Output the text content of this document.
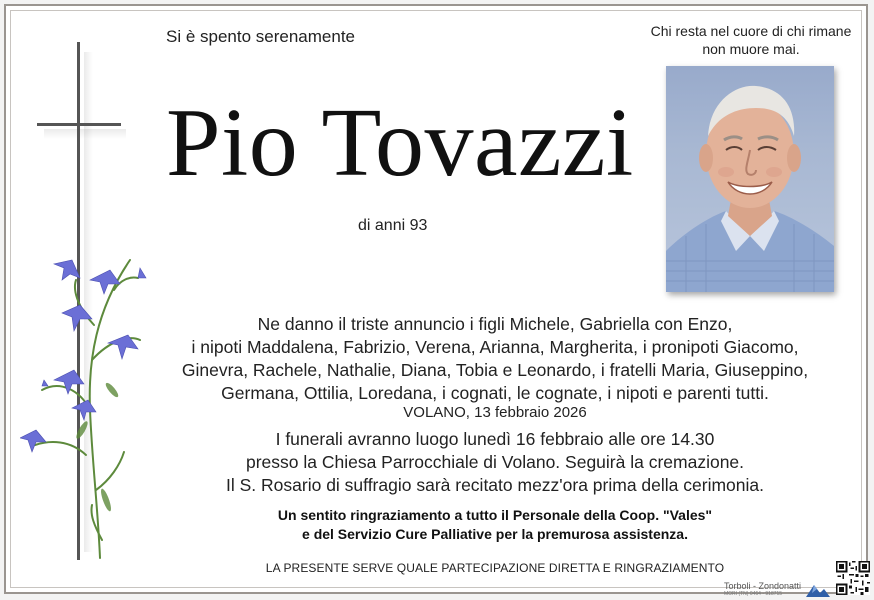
Si è spento serenamente	Chi resta nel cuore di chi rimane
non muore mai.
Pio Tovazzi
di anni 93
Ne danno il triste annuncio i figli Michele, Gabriella con Enzo,
i nipoti Maddalena, Fabrizio, Verena, Arianna, Margherita, i pronipoti Giacomo,
Ginevra, Rachele, Nathalie, Diana, Tobia e Leonardo, i fratelli Maria, Giuseppino,
Germana, Ottilia, Loredana, i cognati, le cognate, i nipoti e parenti tutti.
VOLANO, 13 febbraio 2026
I funerali avranno luogo lunedì 16 febbraio alle ore 14.30
presso la Chiesa Parrocchiale di Volano. Seguirà la cremazione.
Il S. Rosario di suffragio sarà recitato mezz'ora prima della cerimonia.
Un sentito ringraziamento a tutto il Personale della Coop. "Vales"
e del Servizio Cure Palliative per la premurosa assistenza.
LA PRESENTE SERVE QUALE PARTECIPAZIONE DIRETTA E RINGRAZIAMENTO
Torboli - Zondonatti
MORI (TN) 0464 - 918715
